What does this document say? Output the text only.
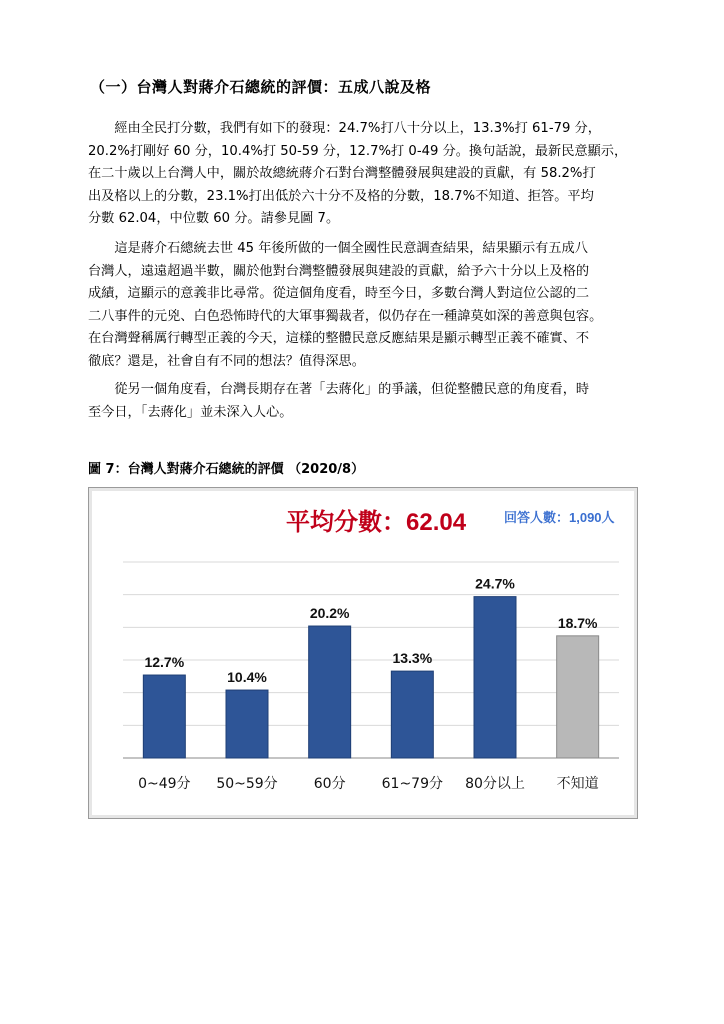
（一）台灣人對蔣介石總統的評價：五成八說及格

　　經由全民打分數，我們有如下的發現：24.7%打八十分以上，13.3%打 61-79 分，
20.2%打剛好 60 分，10.4%打 50-59 分，12.7%打 0-49 分。換句話說，最新民意顯示，
在二十歲以上台灣人中，關於故總統蔣介石對台灣整體發展與建設的貢獻，有 58.2%打
出及格以上的分數，23.1%打出低於六十分不及格的分數，18.7%不知道、拒答。平均
分數 62.04，中位數 60 分。請參見圖 7。

　　這是蔣介石總統去世 45 年後所做的一個全國性民意調查結果，結果顯示有五成八
台灣人，遠遠超過半數，關於他對台灣整體發展與建設的貢獻，給予六十分以上及格的
成績，這顯示的意義非比尋常。從這個角度看，時至今日，多數台灣人對這位公認的二
二八事件的元兇、白色恐怖時代的大軍事獨裁者，似仍存在一種諱莫如深的善意與包容。
在台灣聲稱厲行轉型正義的今天，這樣的整體民意反應結果是顯示轉型正義不確實、不
徹底？還是，社會自有不同的想法？值得深思。

　　從另一個角度看，台灣長期存在著「去蔣化」的爭議，但從整體民意的角度看，時
至今日，「去蔣化」並未深入人心。

圖 7：台灣人對蔣介石總統的評價 （2020/8）
平均分數：62.04	回答人數：1,090人
12.7%
10.4%
20.2%
13.3%
24.7%
18.7%
0~49分 50~59分	60分	61~79分 80分以上 不知道
